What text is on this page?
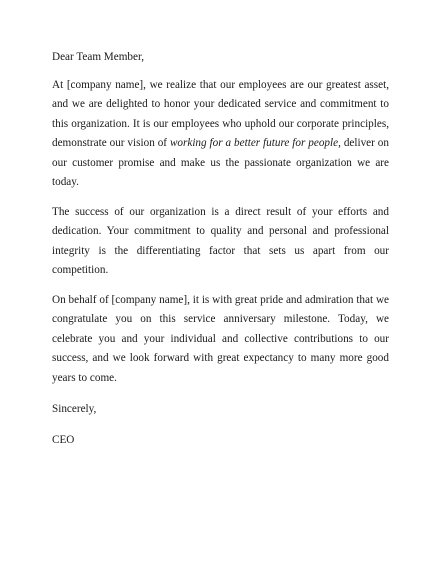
Dear Team Member,

At [company name], we realize that our employees are our greatest asset, and we are delighted to honor your dedicated service and commitment to this organization. It is our employees who uphold our corporate principles, demonstrate our vision of working for a better future for people, deliver on our customer promise and make us the passionate organization we are today.

The success of our organization is a direct result of your efforts and dedication. Your commitment to quality and personal and professional integrity is the differentiating factor that sets us apart from our competition.

On behalf of [company name], it is with great pride and admiration that we congratulate you on this service anniversary milestone. Today, we celebrate you and your individual and collective contributions to our success, and we look forward with great expectancy to many more good years to come.

Sincerely,

CEO
